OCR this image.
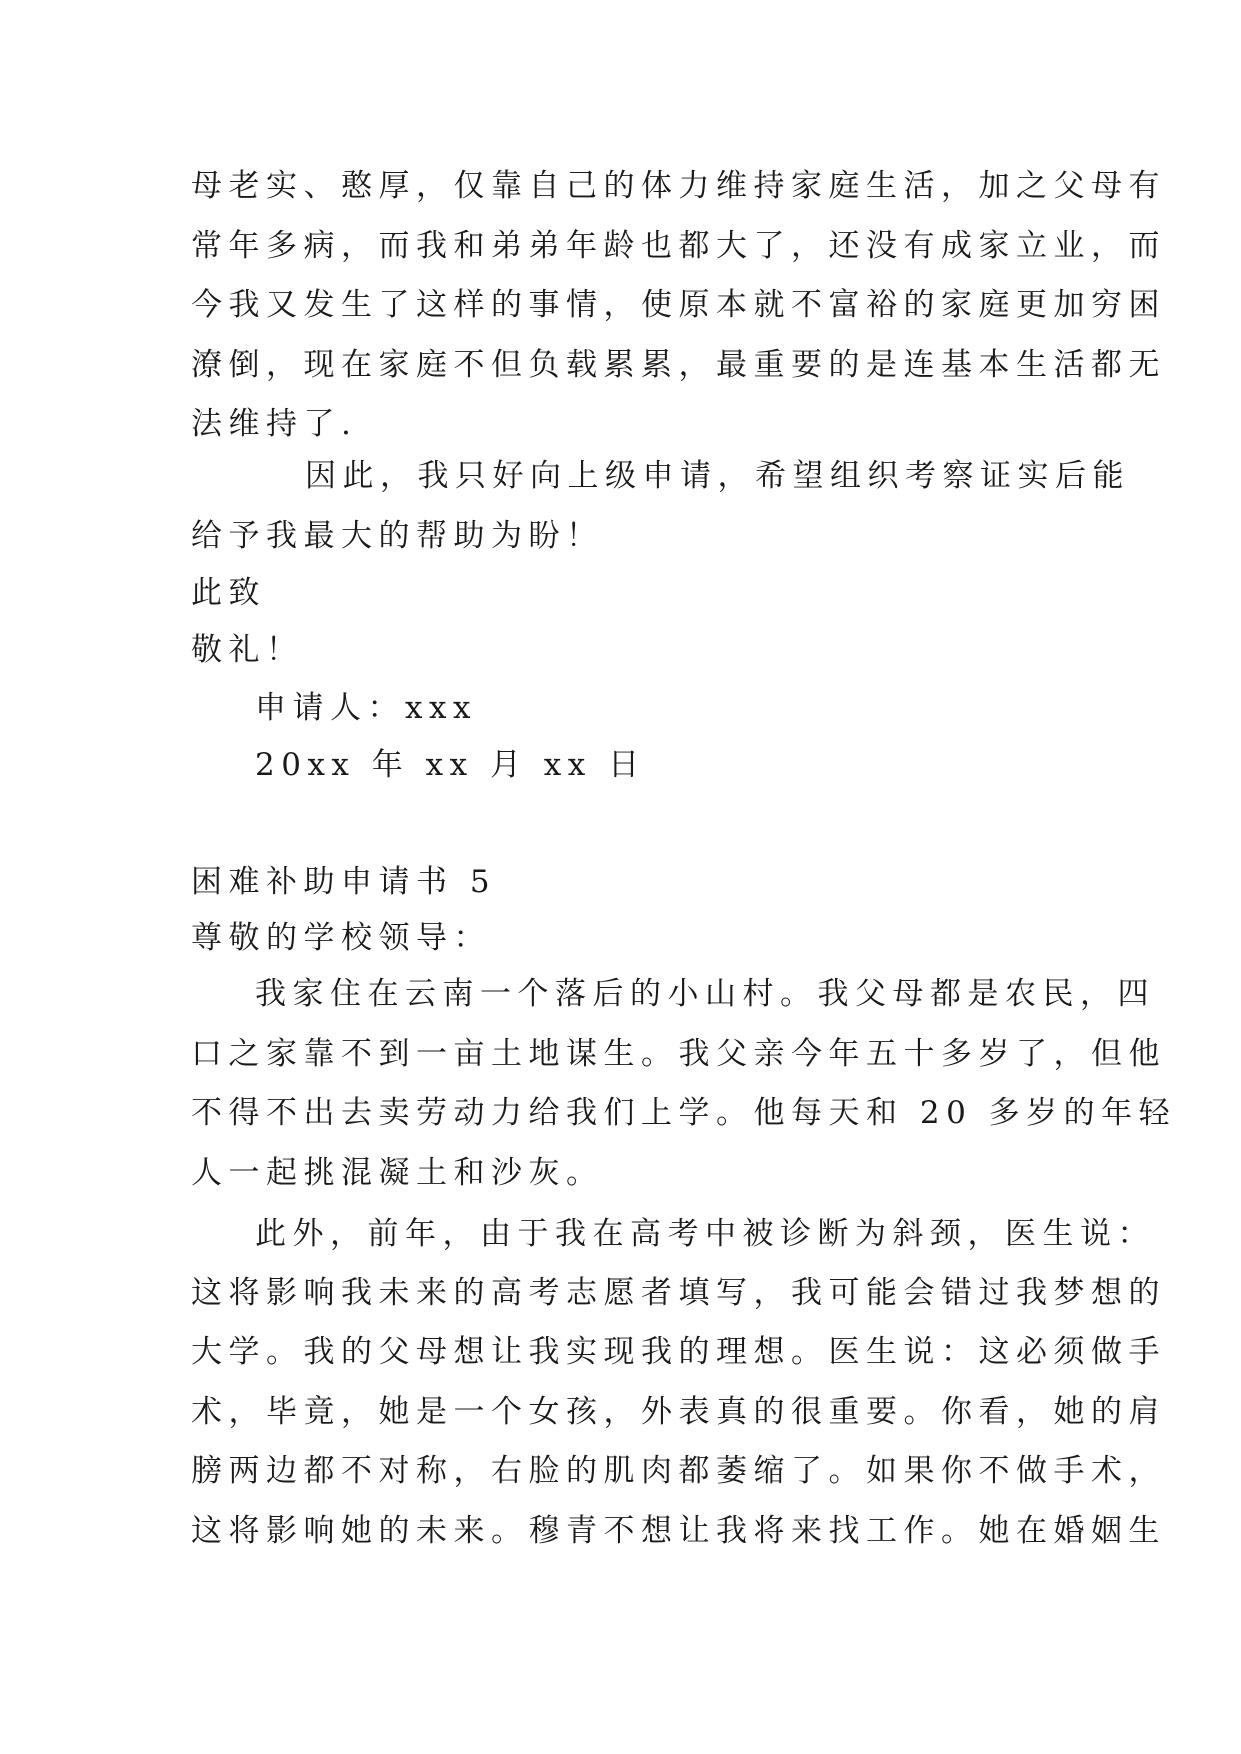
母老实、憨厚，仅靠自己的体力维持家庭生活，加之父母有
常年多病，而我和弟弟年龄也都大了，还没有成家立业，而
今我又发生了这样的事情，使原本就不富裕的家庭更加穷困
潦倒，现在家庭不但负载累累，最重要的是连基本生活都无
法维持了.
因此，我只好向上级申请，希望组织考察证实后能
给予我最大的帮助为盼！
此致
敬礼！
申请人：xxx
20xx 年 xx 月 xx 日
困难补助申请书 5
尊敬的学校领导：
我家住在云南一个落后的小山村。我父母都是农民，四
口之家靠不到一亩土地谋生。我父亲今年五十多岁了，但他
不得不出去卖劳动力给我们上学。他每天和 20 多岁的年轻
人一起挑混凝土和沙灰。
此外，前年，由于我在高考中被诊断为斜颈，医生说：
这将影响我未来的高考志愿者填写，我可能会错过我梦想的
大学。我的父母想让我实现我的理想。医生说：这必须做手
术，毕竟，她是一个女孩，外表真的很重要。你看，她的肩
膀两边都不对称，右脸的肌肉都萎缩了。如果你不做手术，
这将影响她的未来。穆青不想让我将来找工作。她在婚姻生
